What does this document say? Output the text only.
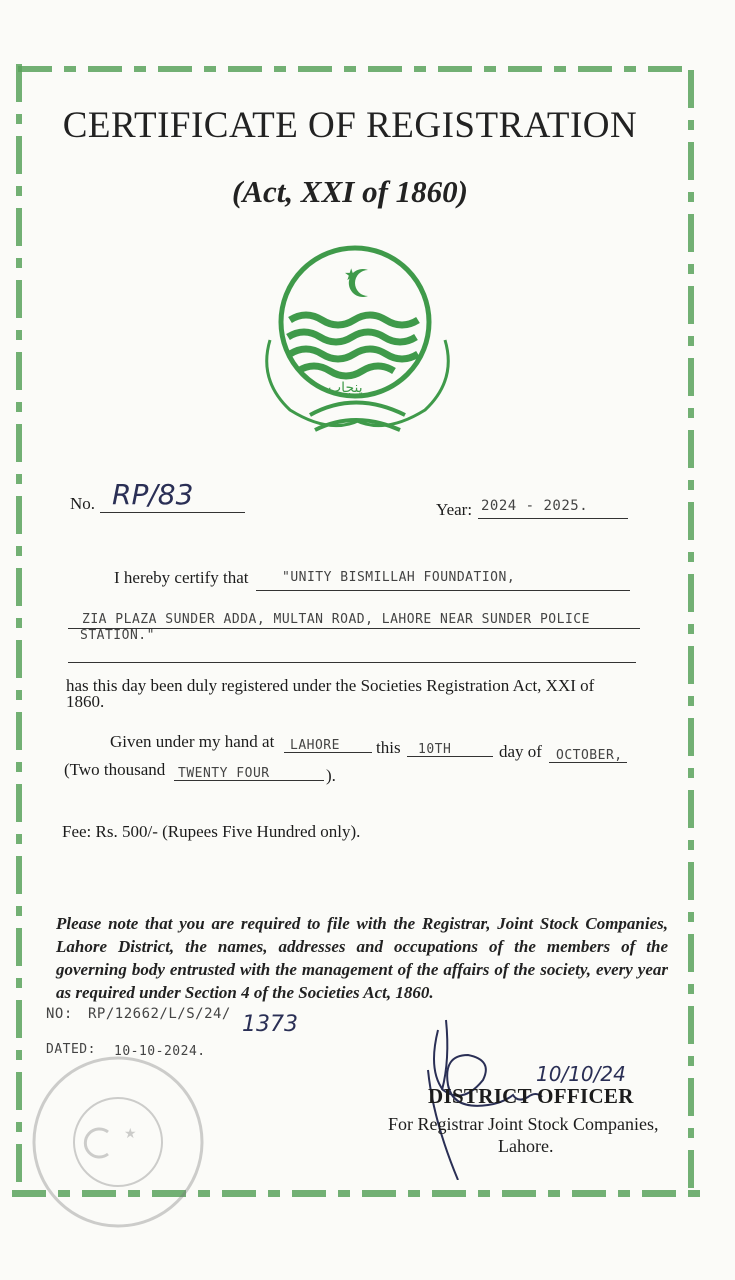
CERTIFICATE OF REGISTRATION
(Act, XXI of 1860)
★
پنجاب
No. RP/83	Year: 2024 - 2025.
I hereby certify that	"UNITY BISMILLAH FOUNDATION,
ZIA PLAZA SUNDER ADDA, MULTAN ROAD, LAHORE NEAR SUNDER POLICE
STATION."
has this day been duly registered under the Societies Registration Act, XXI of
1860.
Given under my hand at LAHORE this 10TH	day of OCTOBER,
(Two thousand TWENTY FOUR	).
Fee: Rs. 500/- (Rupees Five Hundred only).
Please note that you are required to file with the Registrar, Joint Stock Companies, Lahore District, the names, addresses and occupations of the members of the governing body entrusted with the management of the affairs of the society, every year as required under Section 4 of the Societies Act, 1860.
NO: RP/12662/L/S/24/ 1373
DATED: 10-10-2024.
★
10/10/24
DISTRICT OFFICER
For Registrar Joint Stock Companies,
Lahore.
